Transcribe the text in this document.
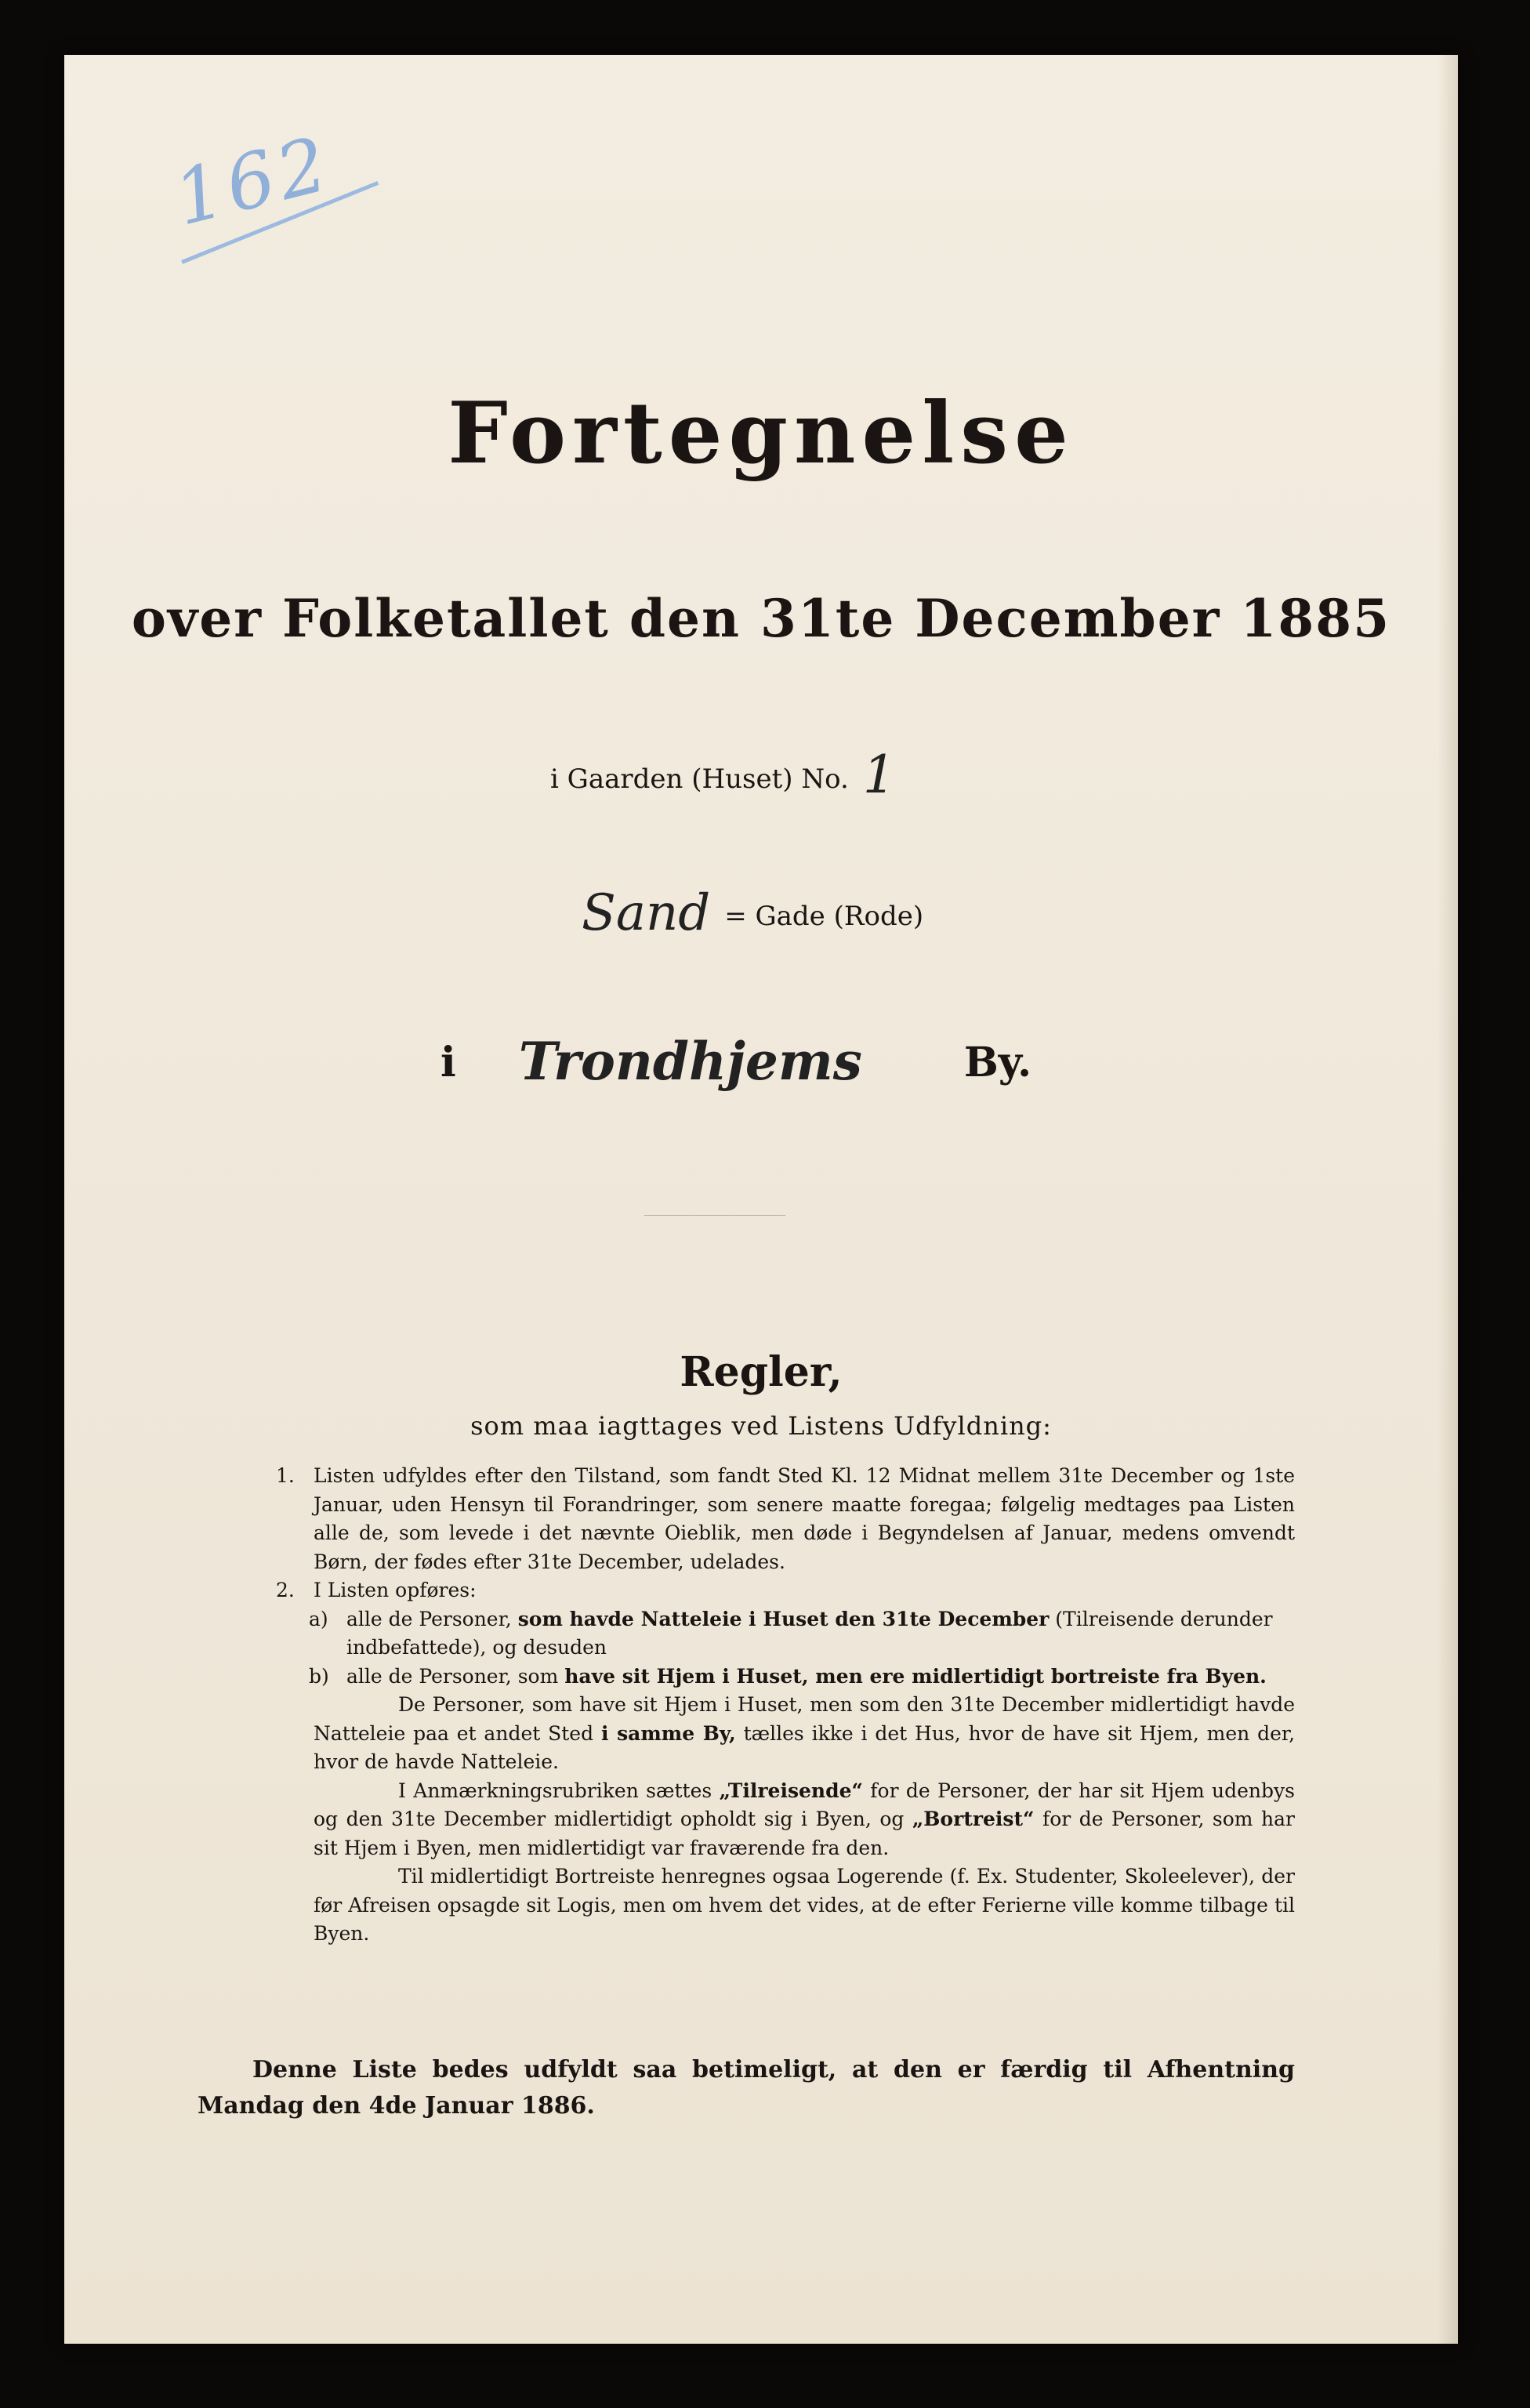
162
Fortegnelse
over Folketallet den 31te December 1885
i Gaarden (Huset) No. 1
Sand = Gade (Rode)
i Trondhjems	By.
Regler,
som maa iagttages ved Listens Udfyldning:
1. Listen udfyldes efter den Tilstand, som fandt Sted Kl. 12 Midnat mellem 31te December og 1ste Januar, uden Hensyn til Forandringer, som senere maatte foregaa; følgelig medtages paa Listen alle de, som levede i det nævnte Oieblik, men døde i Begyndelsen af Januar, medens omvendt Børn, der fødes efter 31te December, udelades.
2. I Listen opføres:
a) alle de Personer, som havde Natteleie i Huset den 31te December (Tilreisende derunder indbefattede), og desuden
b) alle de Personer, som have sit Hjem i Huset, men ere midlertidigt bortreiste fra Byen.
De Personer, som have sit Hjem i Huset, men som den 31te December midlertidigt havde Natteleie paa et andet Sted i samme By, tælles ikke i det Hus, hvor de have sit Hjem, men der, hvor de havde Natteleie.
I Anmærkningsrubriken sættes „Tilreisende“ for de Personer, der har sit Hjem udenbys og den 31te December midlertidigt opholdt sig i Byen, og „Bortreist“ for de Personer, som har sit Hjem i Byen, men midlertidigt var fraværende fra den.
Til midlertidigt Bortreiste henregnes ogsaa Logerende (f. Ex. Studenter, Skoleelever), der før Afreisen opsagde sit Logis, men om hvem det vides, at de efter Ferierne ville komme tilbage til Byen.
Denne Liste bedes udfyldt saa betimeligt, at den er færdig til Afhentning
Mandag den 4de Januar 1886.
